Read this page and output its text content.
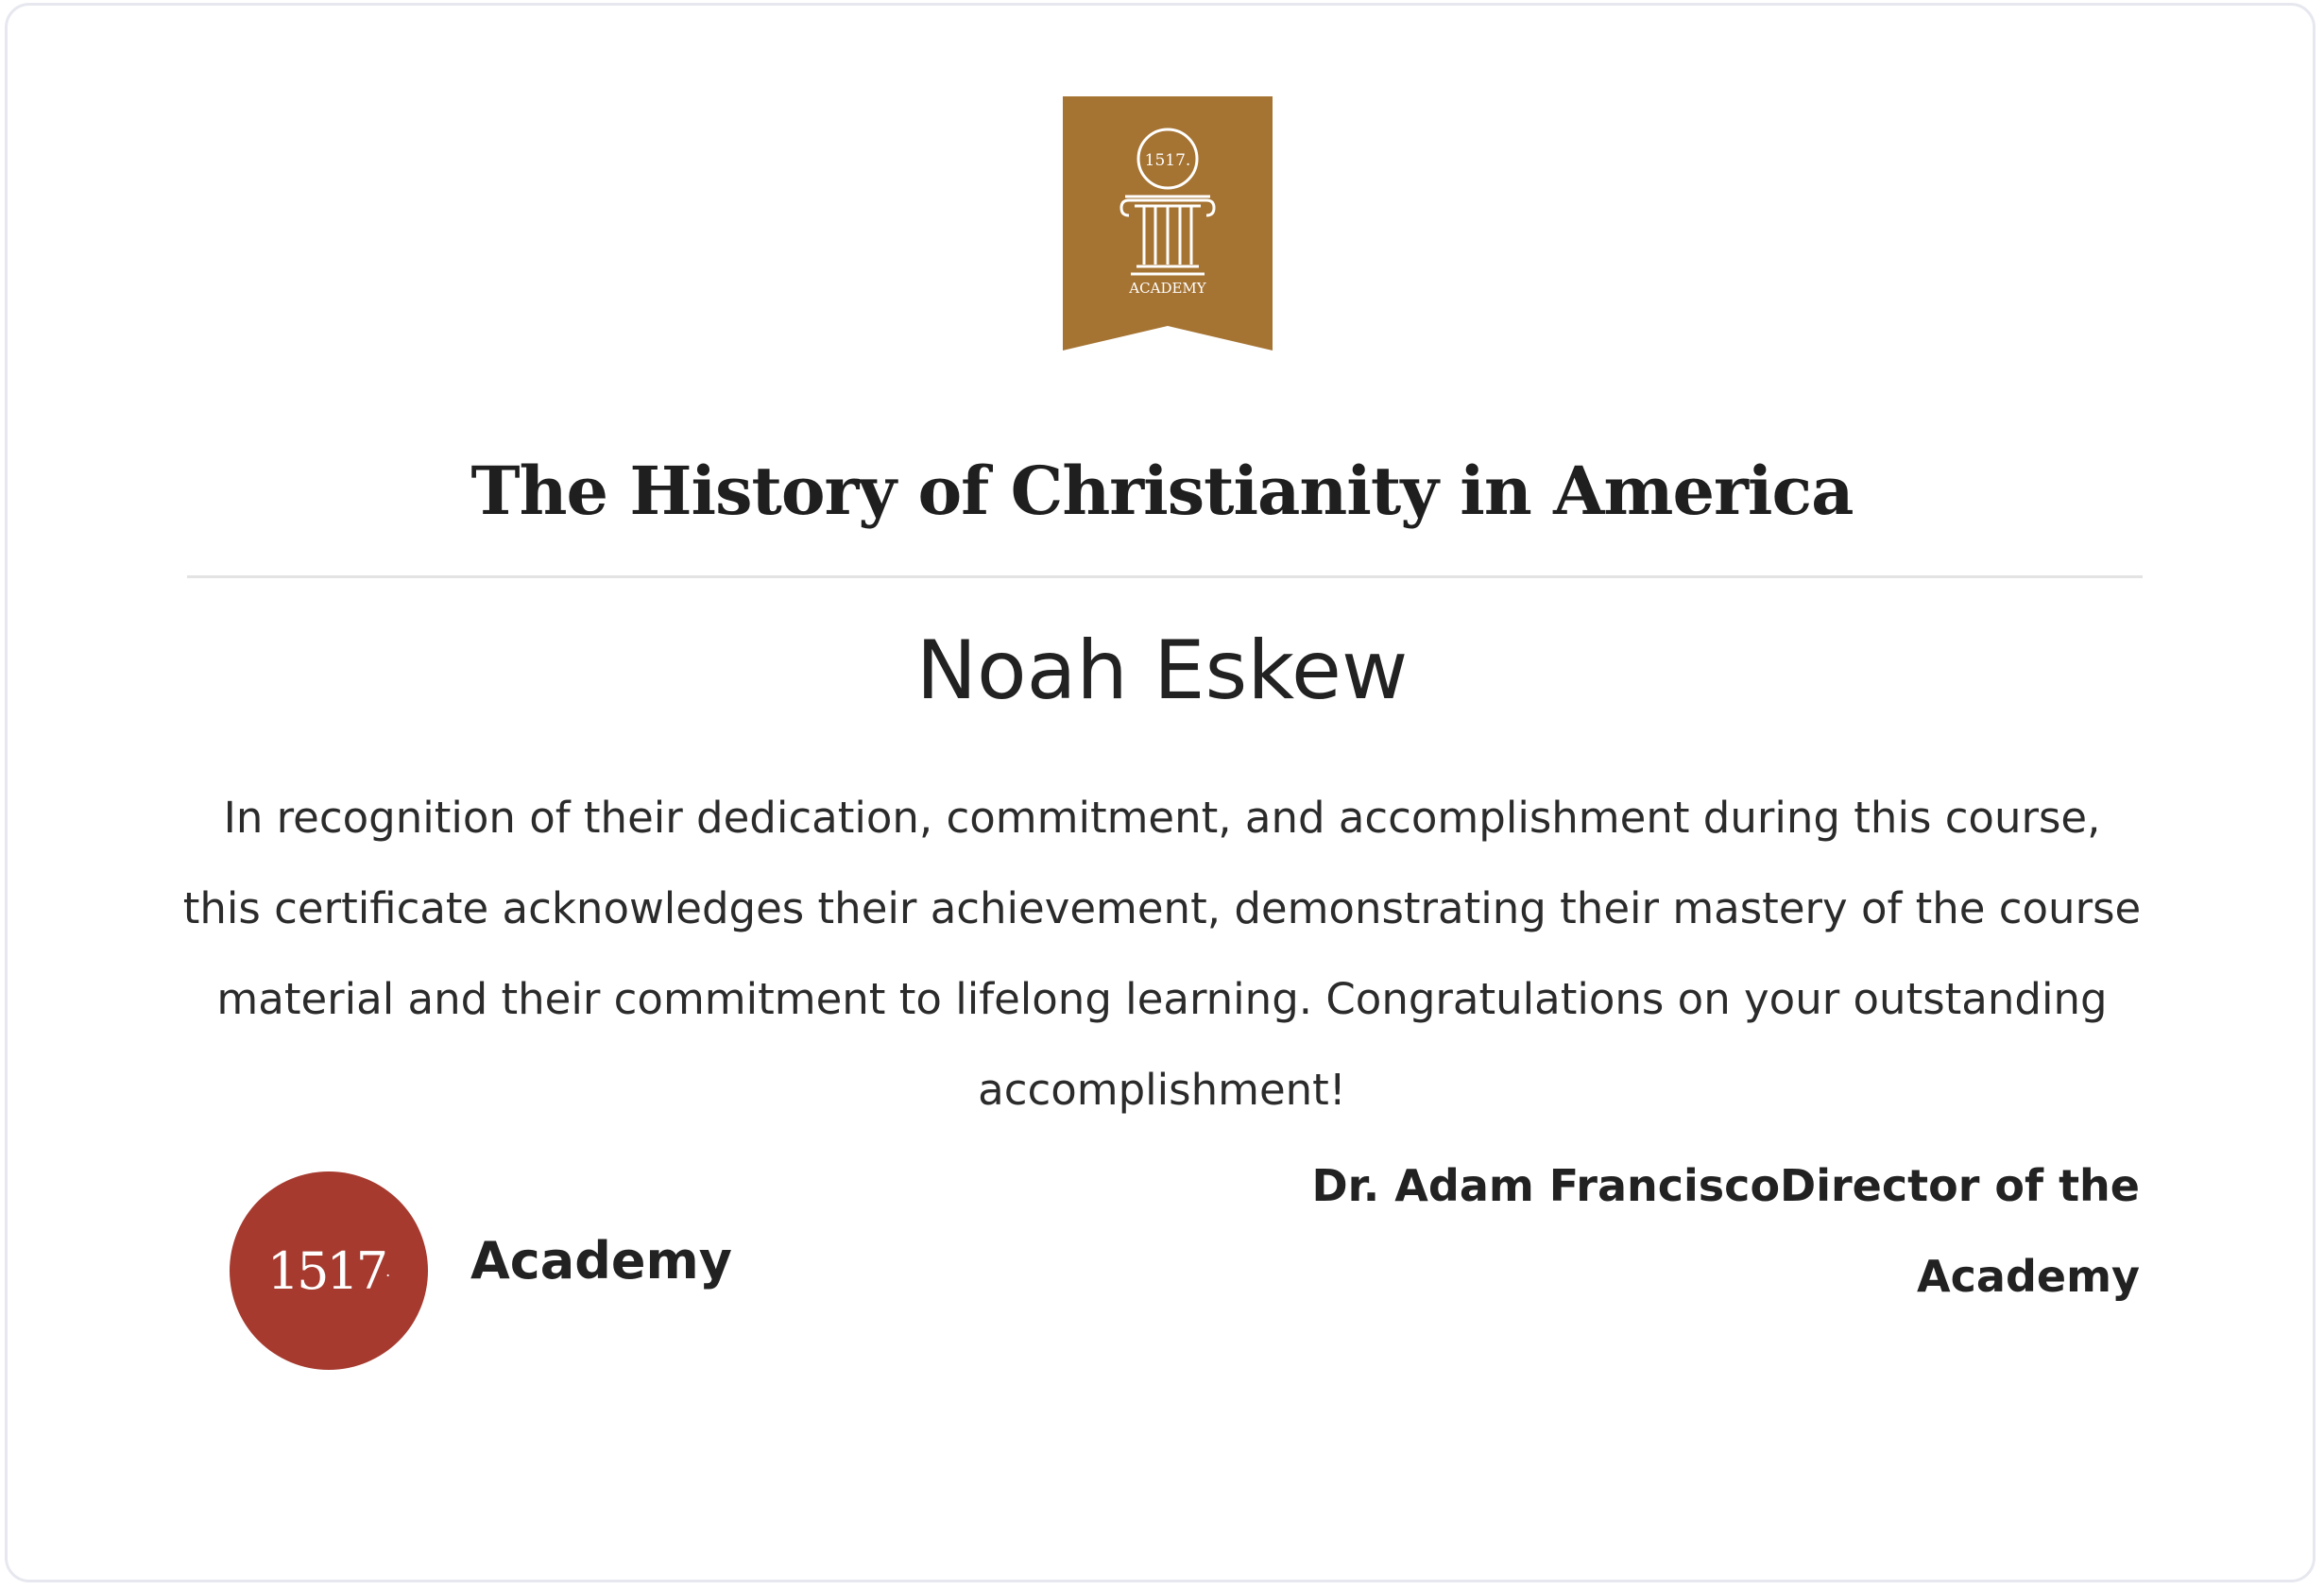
1517.
ACADEMY
The History of Christianity in America
Noah Eskew
In recognition of their dedication, commitment, and accomplishment during this course, this certificate acknowledges their achievement, demonstrating their mastery of the course material and their commitment to lifelong learning. Congratulations on your outstanding accomplishment!
1517 . Academy
Dr. Adam FranciscoDirector of the Academy
